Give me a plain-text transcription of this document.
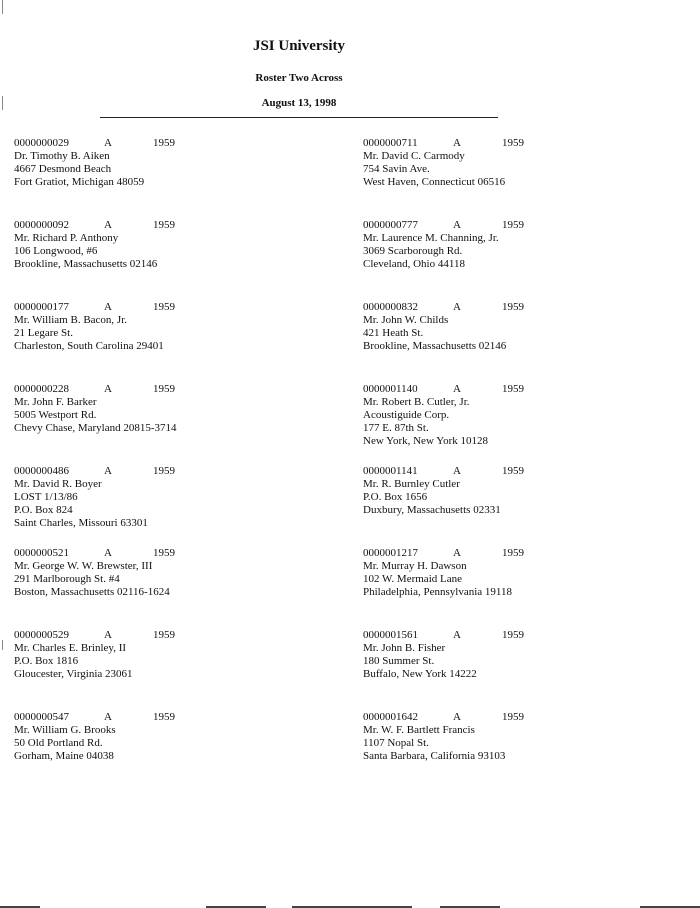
JSI University
Roster Two Across
August 13, 1998
0000000029	A	1959
Dr. Timothy B. Aiken
4667 Desmond Beach
Fort Gratiot, Michigan 48059
0000000092	A	1959
Mr. Richard P. Anthony
106 Longwood, #6
Brookline, Massachusetts 02146
0000000177	A	1959
Mr. William B. Bacon, Jr.
21 Legare St.
Charleston, South Carolina 29401
0000000228	A	1959
Mr. John F. Barker
5005 Westport Rd.
Chevy Chase, Maryland 20815-3714
0000000486	A	1959
Mr. David R. Boyer
LOST 1/13/86
P.O. Box 824
Saint Charles, Missouri 63301
0000000521	A	1959
Mr. George W. W. Brewster, III
291 Marlborough St. #4
Boston, Massachusetts 02116-1624
0000000529	A	1959
Mr. Charles E. Brinley, II
P.O. Box 1816
Gloucester, Virginia 23061
0000000547	A	1959
Mr. William G. Brooks
50 Old Portland Rd.
Gorham, Maine 04038
0000000711	A	1959
Mr. David C. Carmody
754 Savin Ave.
West Haven, Connecticut 06516
0000000777	A	1959
Mr. Laurence M. Channing, Jr.
3069 Scarborough Rd.
Cleveland, Ohio 44118
0000000832	A	1959
Mr. John W. Childs
421 Heath St.
Brookline, Massachusetts 02146
0000001140	A	1959
Mr. Robert B. Cutler, Jr.
Acoustiguide Corp.
177 E. 87th St.
New York, New York 10128
0000001141	A	1959
Mr. R. Burnley Cutler
P.O. Box 1656
Duxbury, Massachusetts 02331
0000001217	A	1959
Mr. Murray H. Dawson
102 W. Mermaid Lane
Philadelphia, Pennsylvania 19118
0000001561	A	1959
Mr. John B. Fisher
180 Summer St.
Buffalo, New York 14222
0000001642	A	1959
Mr. W. F. Bartlett Francis
1107 Nopal St.
Santa Barbara, California 93103
